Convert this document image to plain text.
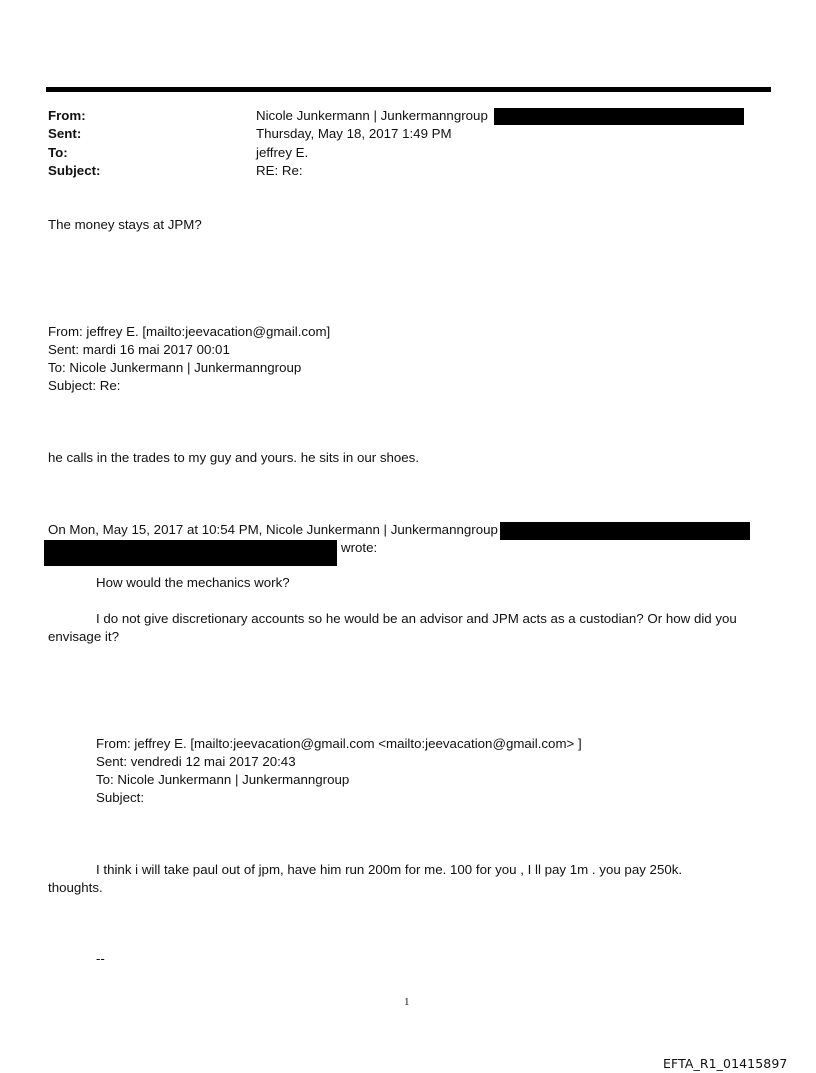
From:	Nicole Junkermann | Junkermanngroup
Sent:	Thursday, May 18, 2017 1:49 PM
To:	jeffrey E.
Subject:	RE: Re:
The money stays at JPM?
From: jeffrey E. [mailto:jeevacation@gmail.com]
Sent: mardi 16 mai 2017 00:01
To: Nicole Junkermann | Junkermanngroup
Subject: Re:
he calls in the trades to my guy and yours. he sits in our shoes.
On Mon, May 15, 2017 at 10:54 PM, Nicole Junkermann | Junkermanngroup
wrote:
How would the mechanics work?
I do not give discretionary accounts so he would be an advisor and JPM acts as a custodian? Or how did you
envisage it?
From: jeffrey E. [mailto:jeevacation@gmail.com <mailto:jeevacation@gmail.com> ]
Sent: vendredi 12 mai 2017 20:43
To: Nicole Junkermann | Junkermanngroup
Subject:
I think i will take paul out of jpm, have him run 200m for me. 100 for you , I ll pay 1m . you pay 250k.
thoughts.
--
1
EFTA_R1_01415897
